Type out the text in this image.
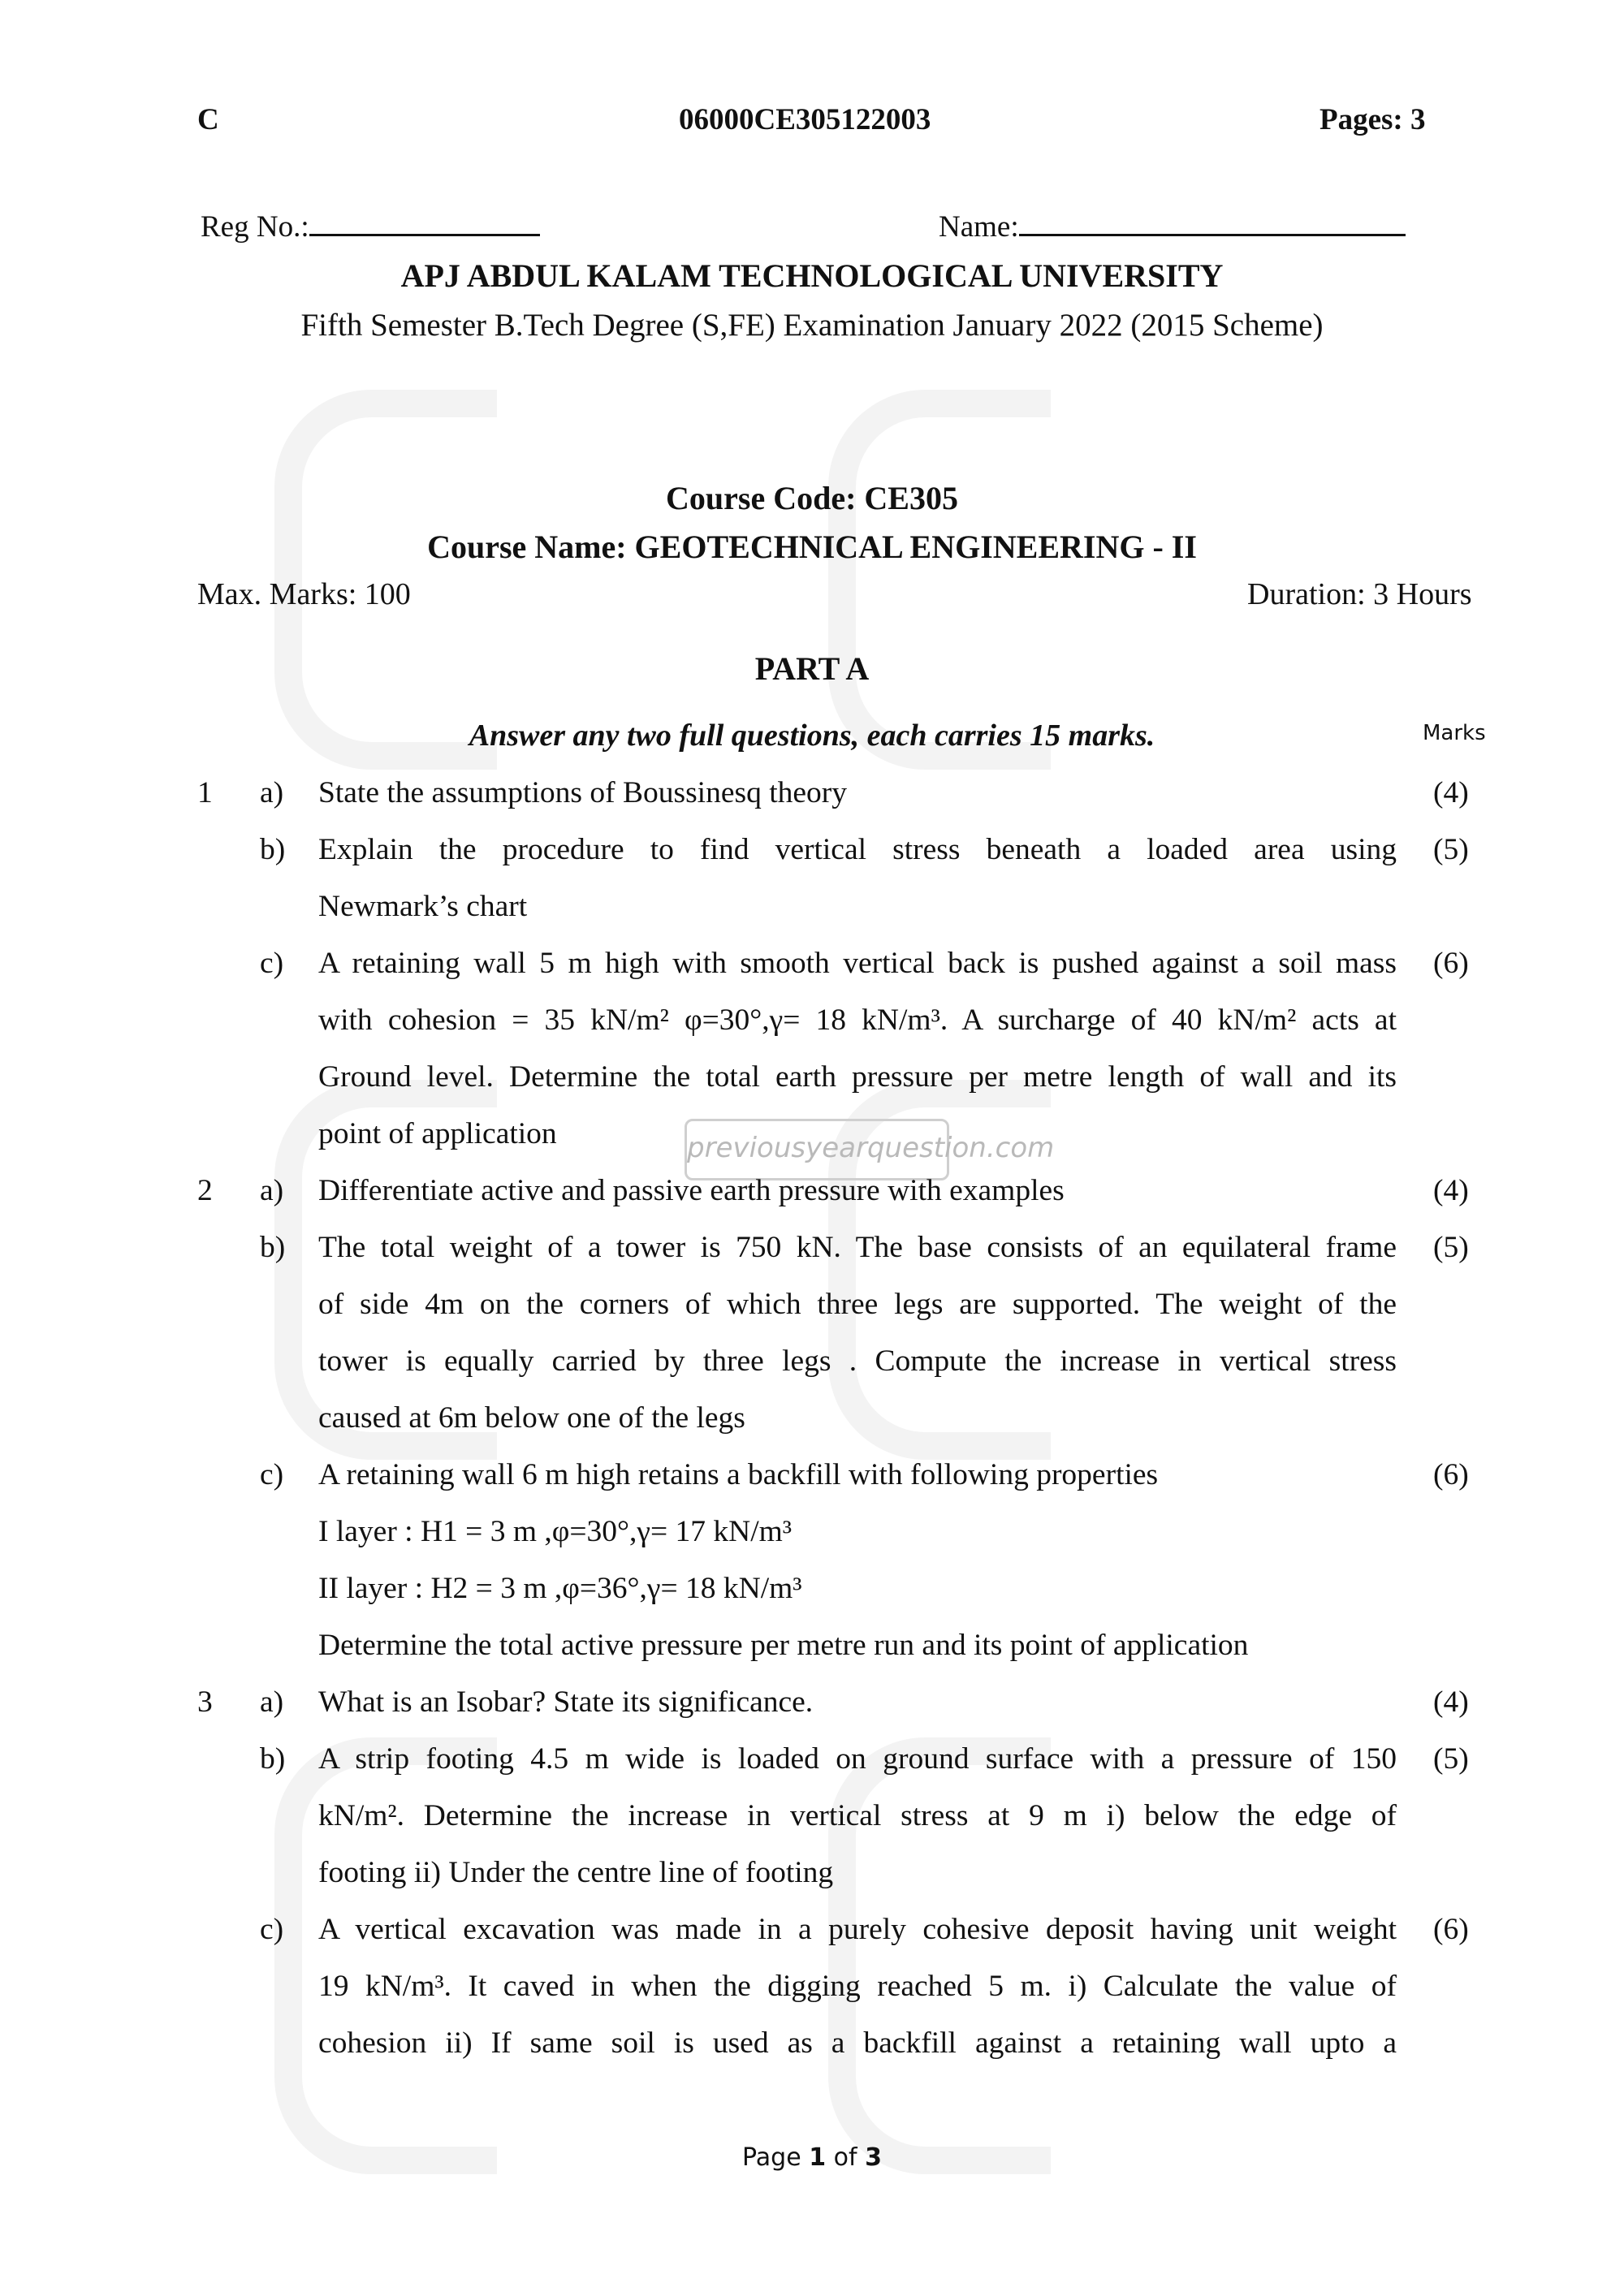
C	06000CE305122003	Pages: 3
Reg No.:	Name:
APJ ABDUL KALAM TECHNOLOGICAL UNIVERSITY
Fifth Semester B.Tech Degree (S,FE) Examination January 2022 (2015 Scheme)
Course Code: CE305
Course Name: GEOTECHNICAL ENGINEERING - II
Max. Marks: 100	Duration: 3 Hours
PART A
Answer any two full questions, each carries 15 marks.	Marks
1 a) State the assumptions of Boussinesq theory	(4)
b) Explain the procedure to find vertical stress beneath a loaded area using (5)
Newmark’s chart
c) A retaining wall 5 m high with smooth vertical back is pushed against a soil mass (6)
with cohesion = 35 kN/m² φ=30°,γ= 18 kN/m³. A surcharge of 40 kN/m² acts at
Ground level. Determine the total earth pressure per metre length of wall and its
point of application	previousyearquestion.com
2 a) Differentiate active and passive earth pressure with examples	(4)
b) The total weight of a tower is 750 kN. The base consists of an equilateral frame (5)
of side 4m on the corners of which three legs are supported. The weight of the
tower is equally carried by three legs . Compute the increase in vertical stress
caused at 6m below one of the legs
c) A retaining wall 6 m high retains a backfill with following properties	(6)
I layer : H1 = 3 m ,φ=30°,γ= 17 kN/m³
II layer : H2 = 3 m ,φ=36°,γ= 18 kN/m³
Determine the total active pressure per metre run and its point of application
3 a) What is an Isobar? State its significance.	(4)
b) A strip footing 4.5 m wide is loaded on ground surface with a pressure of 150 (5)
kN/m². Determine the increase in vertical stress at 9 m i) below the edge of
footing ii) Under the centre line of footing
c) A vertical excavation was made in a purely cohesive deposit having unit weight (6)
19 kN/m³. It caved in when the digging reached 5 m. i) Calculate the value of
cohesion ii) If same soil is used as a backfill against a retaining wall upto a
Page 1 of 3
